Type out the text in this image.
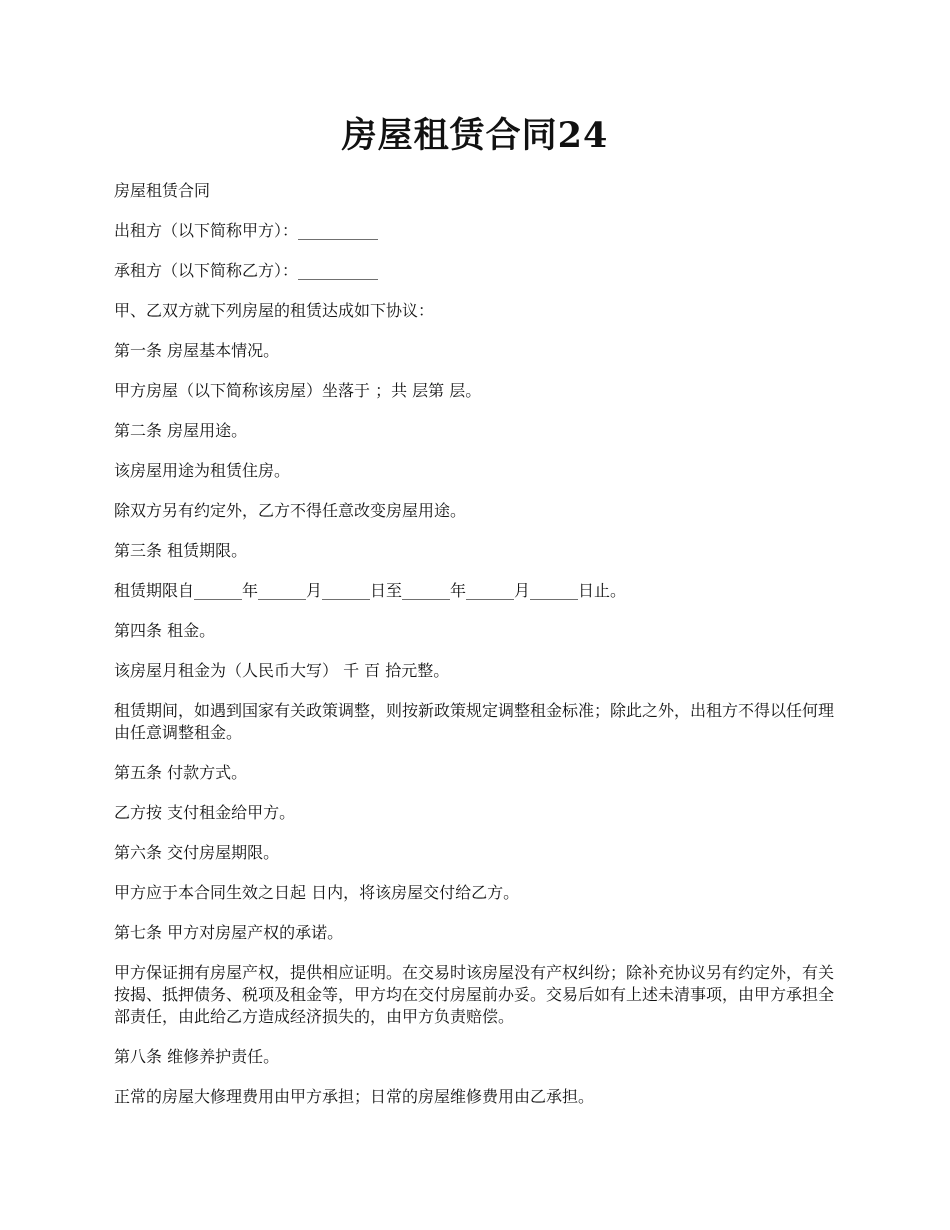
房屋租赁合同24

房屋租赁合同

出租方（以下简称甲方）：__________

承租方（以下简称乙方）：__________

甲、乙双方就下列房屋的租赁达成如下协议：

第一条 房屋基本情况。

甲方房屋（以下简称该房屋）坐落于 ；共 层第 层。

第二条 房屋用途。

该房屋用途为租赁住房。

除双方另有约定外，乙方不得任意改变房屋用途。

第三条 租赁期限。

租赁期限自______年______月______日至______年______月______日止。

第四条 租金。

该房屋月租金为（人民币大写） 千 百 拾元整。

租赁期间，如遇到国家有关政策调整，则按新政策规定调整租金标准；除此之外，出租方不得以任何理由任意调整租金。

第五条 付款方式。

乙方按 支付租金给甲方。

第六条 交付房屋期限。

甲方应于本合同生效之日起 日内，将该房屋交付给乙方。

第七条 甲方对房屋产权的承诺。

甲方保证拥有房屋产权，提供相应证明。在交易时该房屋没有产权纠纷；除补充协议另有约定外，有关按揭、抵押债务、税项及租金等，甲方均在交付房屋前办妥。交易后如有上述未清事项，由甲方承担全部责任，由此给乙方造成经济损失的，由甲方负责赔偿。

第八条 维修养护责任。

正常的房屋大修理费用由甲方承担；日常的房屋维修费用由乙承担。
